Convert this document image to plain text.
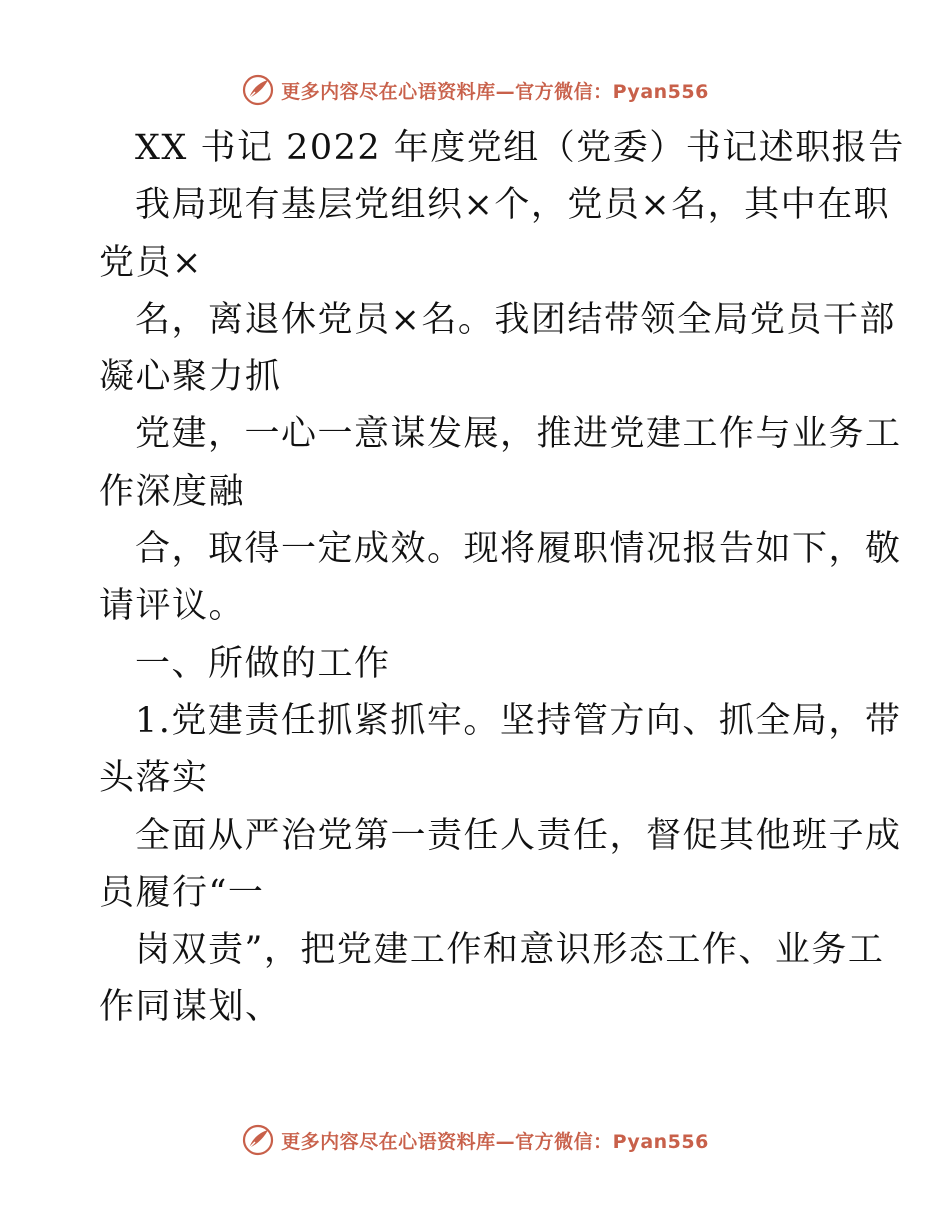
更多内容尽在心语资料库—官方微信：Pyan556
XX 书记 2022 年度党组（党委）书记述职报告
我局现有基层党组织×个，党员×名，其中在职
党员×
名，离退休党员×名。我团结带领全局党员干部
凝心聚力抓
党建，一心一意谋发展，推进党建工作与业务工
作深度融
合，取得一定成效。现将履职情况报告如下，敬
请评议。
一、所做的工作
1.党建责任抓紧抓牢。坚持管方向、抓全局，带
头落实
全面从严治党第一责任人责任，督促其他班子成
员履行“一
岗双责”，把党建工作和意识形态工作、业务工
作同谋划、
更多内容尽在心语资料库—官方微信：Pyan556
